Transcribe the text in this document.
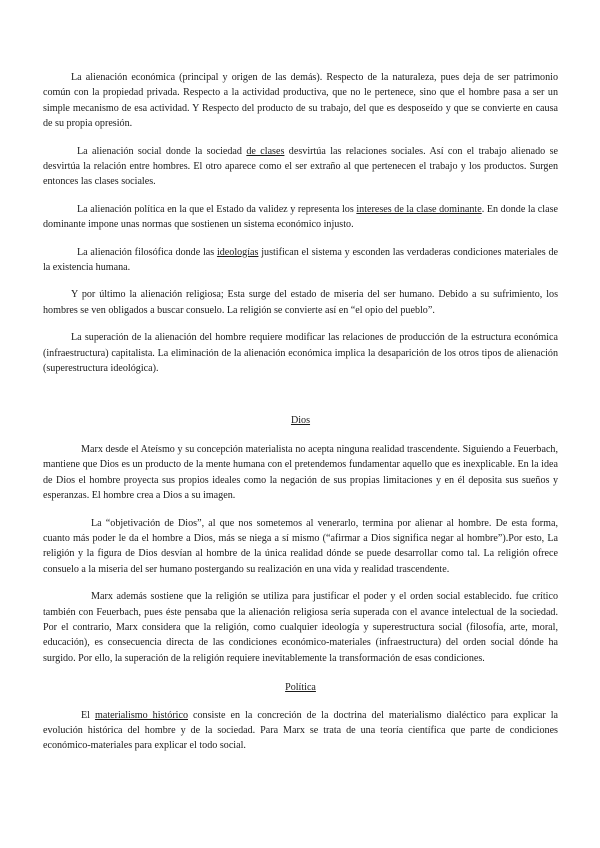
La alienación económica (principal y origen de las demás). Respecto de la naturaleza, pues deja de ser patrimonio común con la propiedad privada. Respecto a la actividad productiva, que no le pertenece, sino que el hombre pasa a ser un simple mecanismo de esa actividad. Y Respecto del producto de su trabajo, del que es desposeído y que se convierte en causa de su propia opresión.

La alienación social donde la sociedad de clases desvirtúa las relaciones sociales. Así con el trabajo alienado se desvirtúa la relación entre hombres. El otro aparece como el ser extraño al que pertenecen el trabajo y los productos. Surgen entonces las clases sociales.

La alienación política en la que el Estado da validez y representa los intereses de la clase dominante. En donde la clase dominante impone unas normas que sostienen un sistema económico injusto.

La alienación filosófica donde las ideologías justifican el sistema y esconden las verdaderas condiciones materiales de la existencia humana.

Y por último la alienación religiosa; Esta surge del estado de miseria del ser humano. Debido a su sufrimiento, los hombres se ven obligados a buscar consuelo. La religión se convierte así en “el opio del pueblo”.

La superación de la alienación del hombre requiere modificar las relaciones de producción de la estructura económica (infraestructura) capitalista. La eliminación de la alienación económica implica la desaparición de los otros tipos de alienación (superestructura ideológica).

Dios

Marx desde el Ateísmo y su concepción materialista no acepta ninguna realidad trascendente. Siguiendo a Feuerbach, mantiene que Dios es un producto de la mente humana con el pretendemos fundamentar aquello que es inexplicable. En la idea de Dios el hombre proyecta sus propios ideales como la negación de sus propias limitaciones y en él deposita sus sueños y esperanzas. El hombre crea a Dios a su imagen.

La “objetivación de Dios”, al que nos sometemos al venerarlo, termina por alienar al hombre. De esta forma, cuanto más poder le da el hombre a Dios, más se niega a sí mismo (“afirmar a Dios significa negar al hombre”).Por esto, La religión y la figura de Dios desvían al hombre de la única realidad dónde se puede desarrollar como tal. La religión ofrece consuelo a la miseria del ser humano postergando su realización en una vida y realidad trascendente.

Marx además sostiene que la religión se utiliza para justificar el poder y el orden social establecido. fue crítico también con Feuerbach, pues éste pensaba que la alienación religiosa sería superada con el avance intelectual de la sociedad. Por el contrario, Marx considera que la religión, como cualquier ideología y superestructura social (filosofía, arte, moral, educación), es consecuencia directa de las condiciones económico-materiales (infraestructura) del orden social dónde ha surgido. Por ello, la superación de la religión requiere inevitablemente la transformación de esas condiciones.

Política

El materialismo histórico consiste en la concreción de la doctrina del materialismo dialéctico para explicar la evolución histórica del hombre y de la sociedad. Para Marx se trata de una teoría científica que parte de condiciones económico-materiales para explicar el todo social.
